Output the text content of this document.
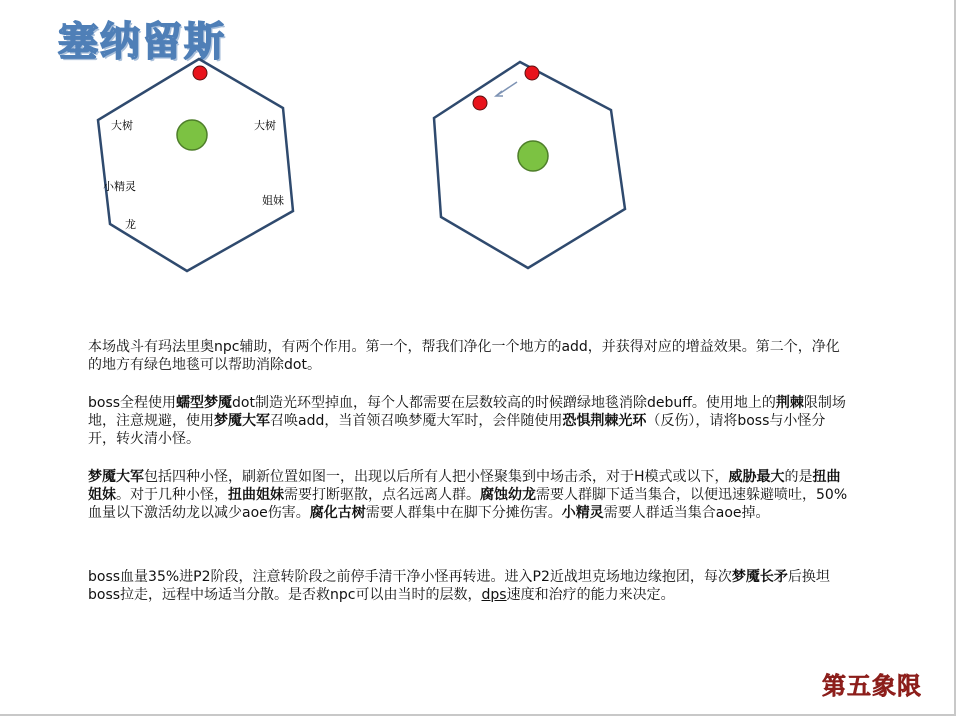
塞纳留斯
大树	大树
小精灵
姐妹
龙

本场战斗有玛法里奥npc辅助，有两个作用。第一个，帮我们净化一个地方的add，并获得对应的增益效果。第二个，净化的地方有绿色地毯可以帮助消除dot。

boss全程使用蠕型梦魇dot制造光环型掉血，每个人都需要在层数较高的时候蹭绿地毯消除debuff。使用地上的荆棘限制场地，注意规避，使用梦魇大军召唤add，当首领召唤梦魇大军时，会伴随使用恐惧荆棘光环（反伤），请将boss与小怪分开，转火清小怪。

梦魇大军包括四种小怪，刷新位置如图一，出现以后所有人把小怪聚集到中场击杀，对于H模式或以下，威胁最大的是扭曲姐妹。对于几种小怪，扭曲姐妹需要打断驱散，点名远离人群。腐蚀幼龙需要人群脚下适当集合，以便迅速躲避喷吐，50%血量以下激活幼龙以减少aoe伤害。腐化古树需要人群集中在脚下分摊伤害。小精灵需要人群适当集合aoe掉。

boss血量35%进P2阶段，注意转阶段之前停手清干净小怪再转进。进入P2近战坦克场地边缘抱团，每次梦魇长矛后换坦boss拉走，远程中场适当分散。是否救npc可以由当时的层数，dps速度和治疗的能力来决定。

第五象限
